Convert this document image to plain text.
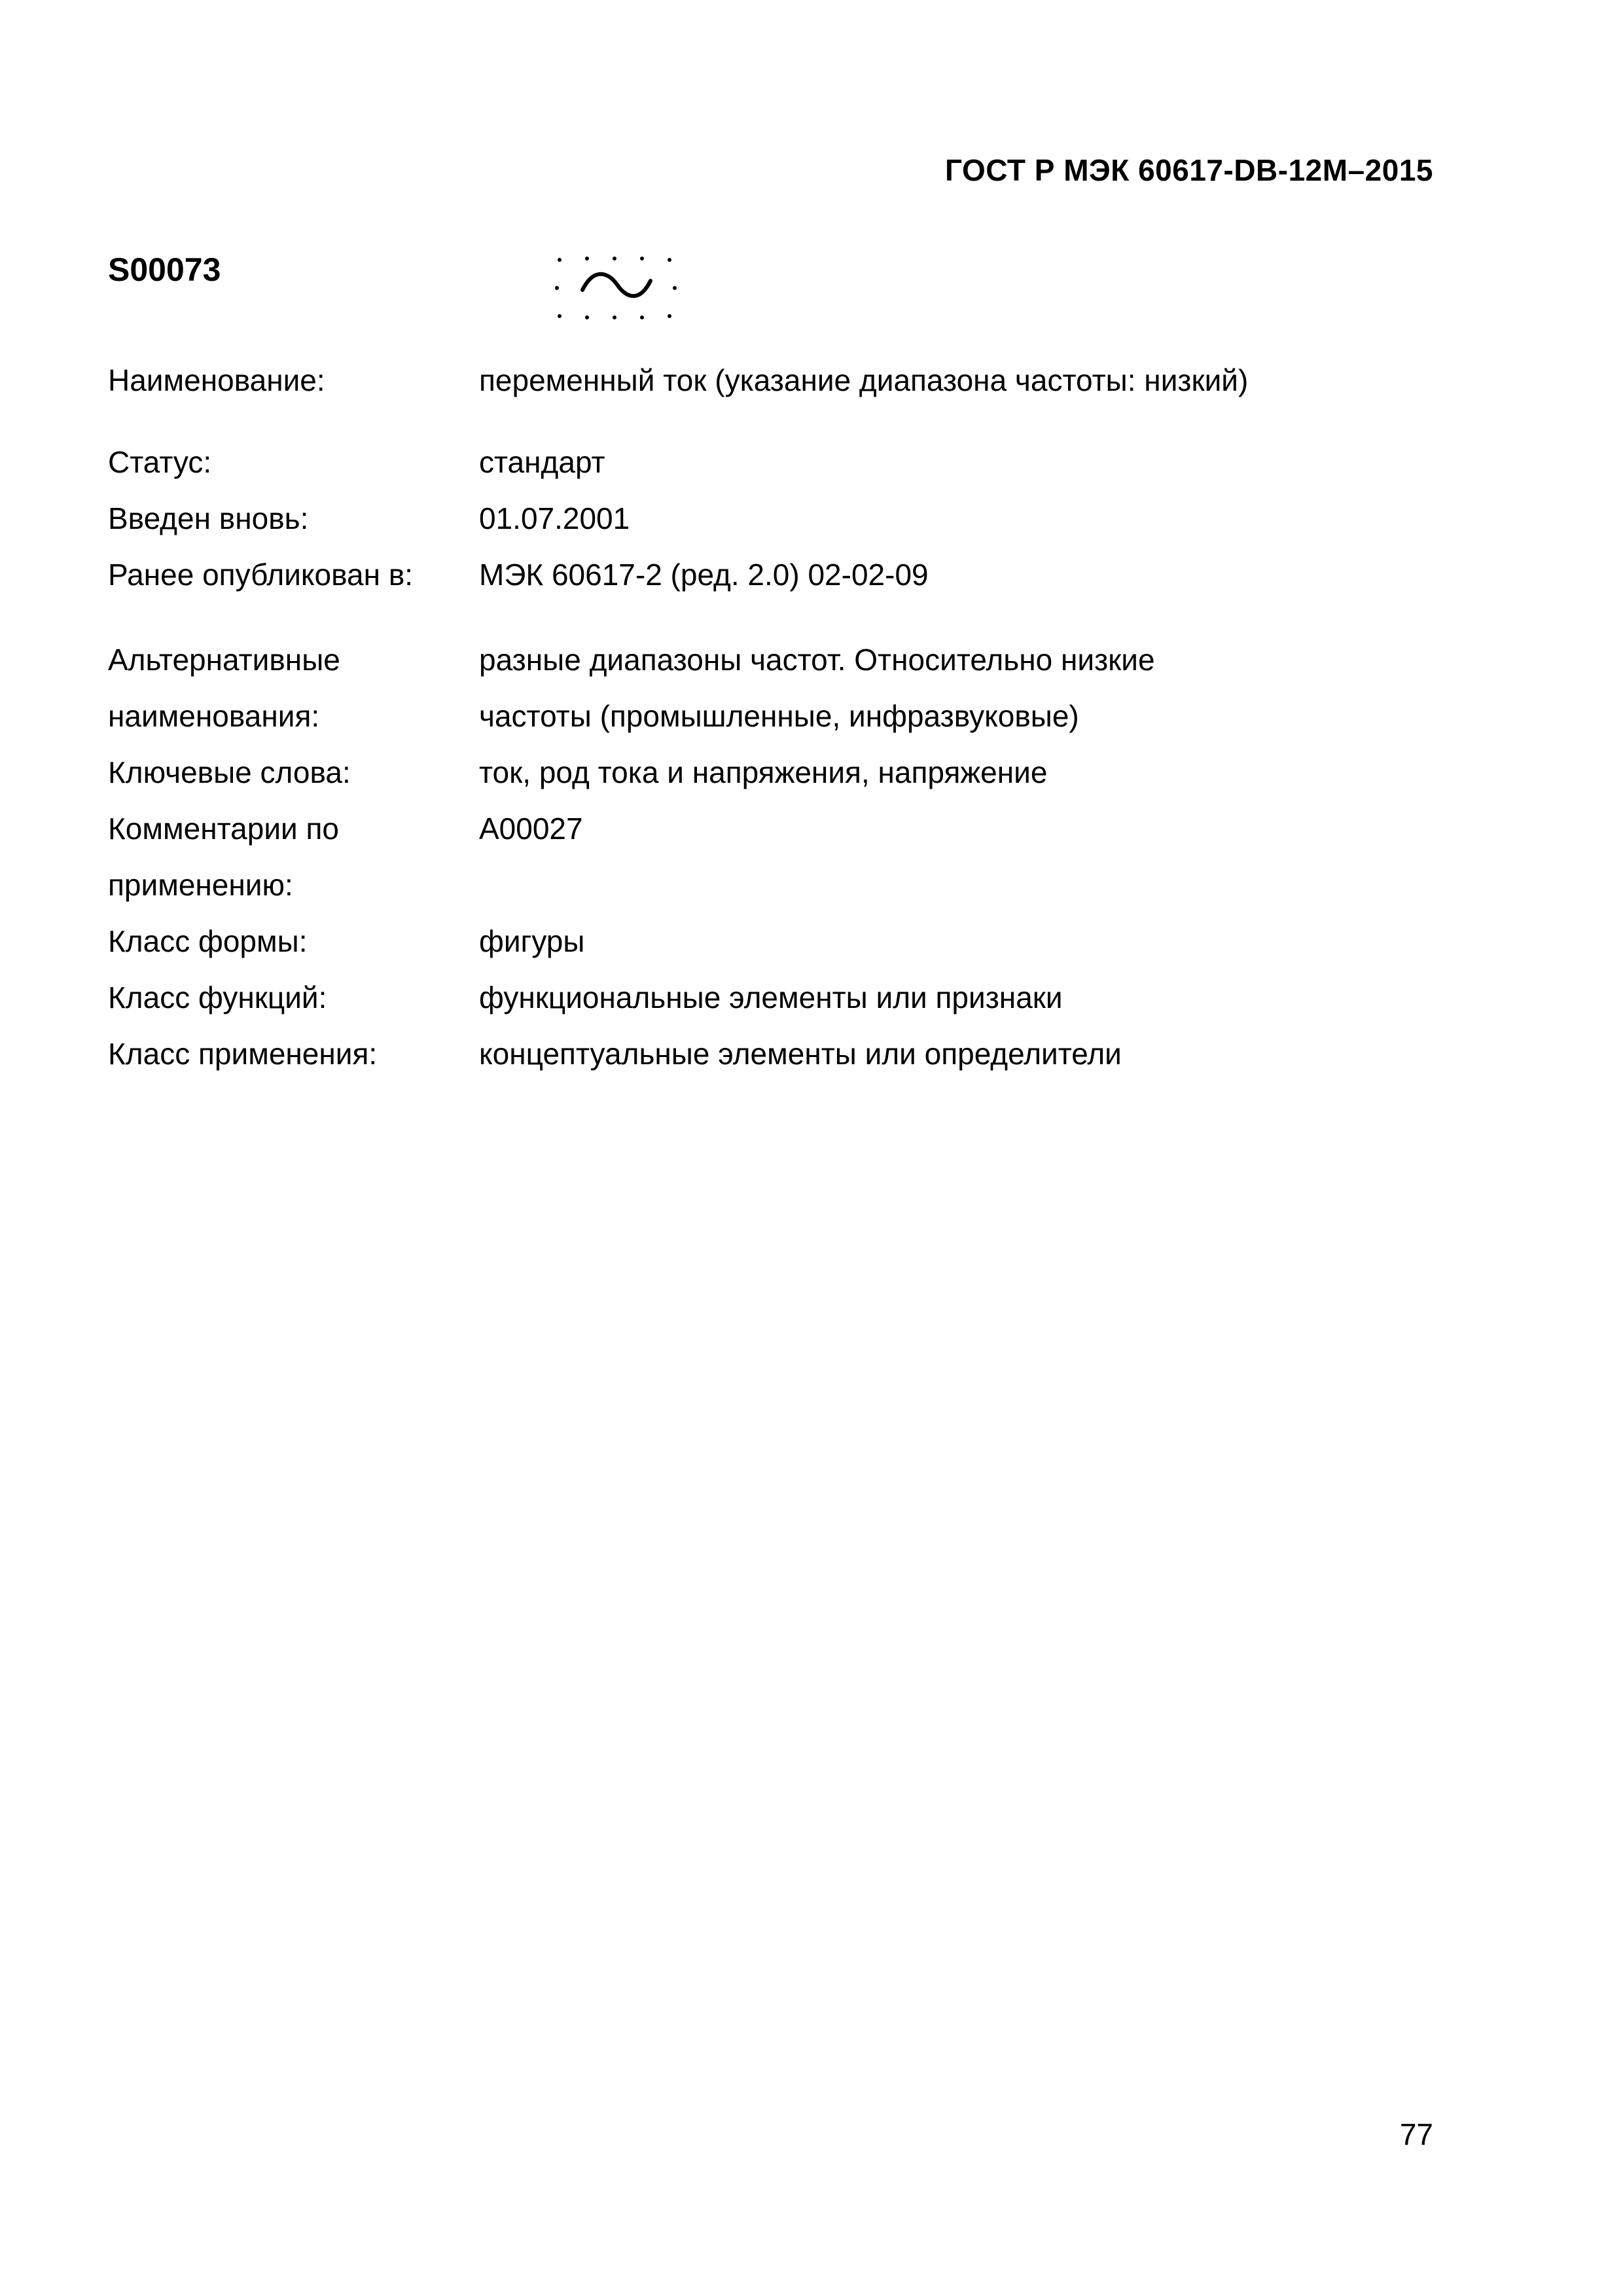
ГОСТ Р МЭК 60617-DB-12M–2015
S00073
Наименование:	переменный ток (указание диапазона частоты: низкий)
Статус:	стандарт
Введен вновь:	01.07.2001
Ранее опубликован в:	МЭК 60617-2 (ред. 2.0) 02-02-09
Альтернативные	разные диапазоны частот. Относительно низкие
наименования:	частоты (промышленные, инфразвуковые)
Ключевые слова:	ток, род тока и напряжения, напряжение
Комментарии по	A00027
применению:
Класс формы:	фигуры
Класс функций:	функциональные элементы или признаки
Класс применения:	концептуальные элементы или определители
77
